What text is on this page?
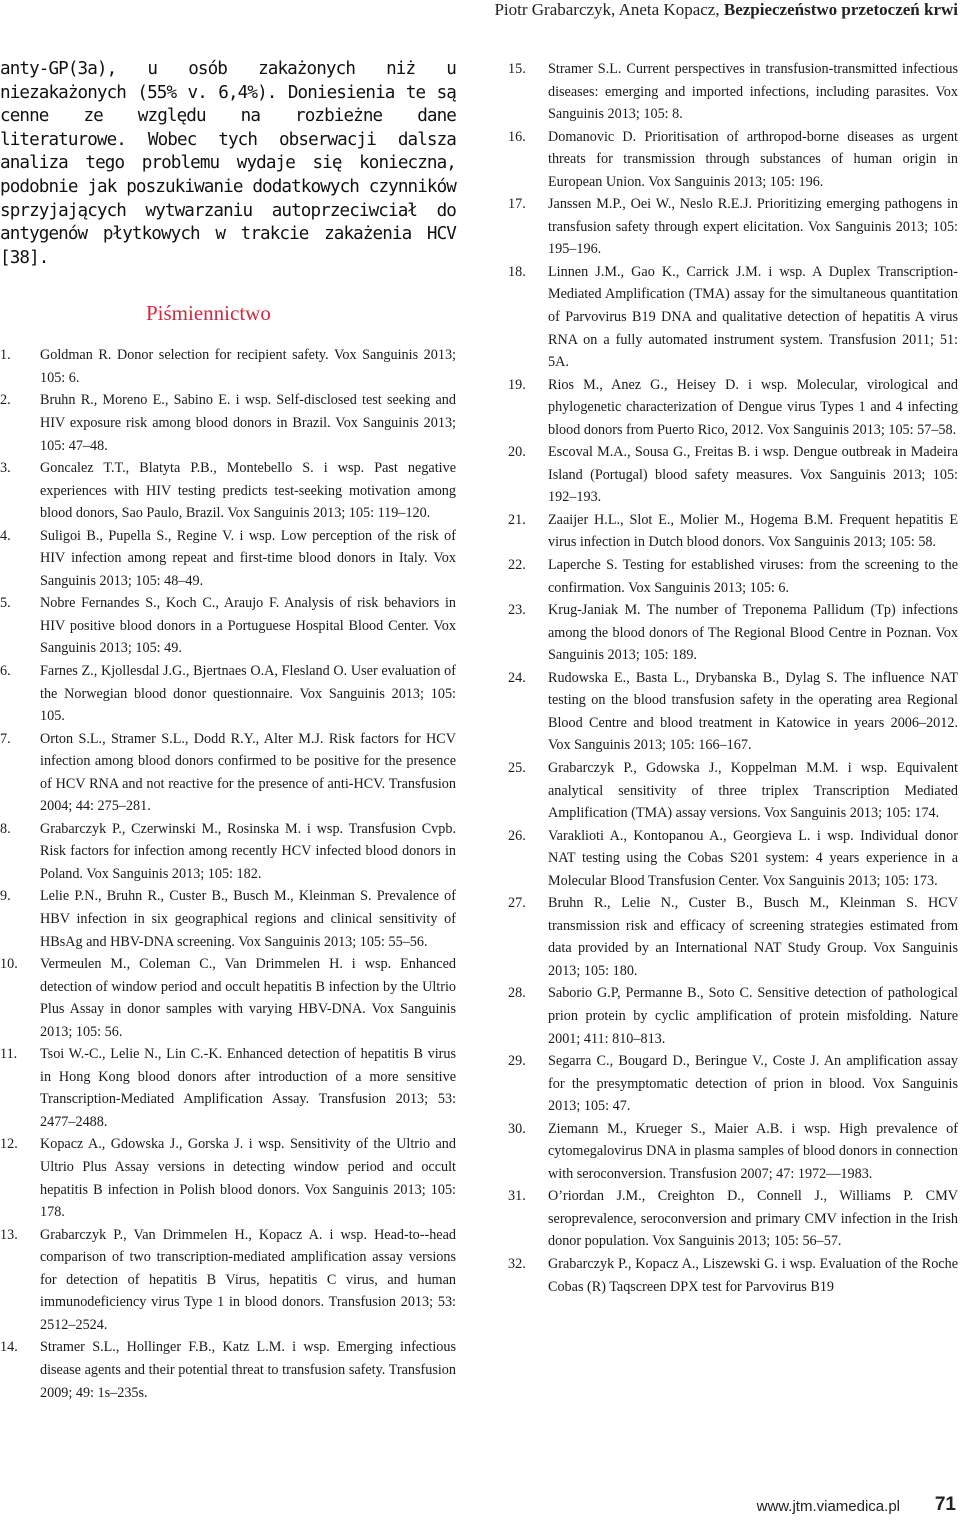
Piotr Grabarczyk, Aneta Kopacz, Bezpieczeństwo przetoczeń krwi

anty-GP(3a), u osób zakażonych niż u niezakażonych (55% v. 6,4%). Doniesienia te są cenne ze względu na rozbieżne dane literaturowe. Wobec tych obserwacji dalsza analiza tego problemu wydaje się konieczna, podobnie jak poszukiwanie dodatkowych czynników sprzyjających wytwarzaniu autoprzeciwciał do antygenów płytkowych w trakcie zakażenia HCV [38].

Piśmiennictwo
1. Goldman R. Donor selection for recipient safety. Vox Sanguinis 2013; 105: 6.
2. Bruhn R., Moreno E., Sabino E. i wsp. Self-disclosed test seeking and HIV exposure risk among blood donors in Brazil. Vox Sanguinis 2013; 105: 47–48.
3. Goncalez T.T., Blatyta P.B., Montebello S. i wsp. Past negative experiences with HIV testing predicts test-seeking motivation among blood donors, Sao Paulo, Brazil. Vox Sanguinis 2013; 105: 119–120.
4. Suligoi B., Pupella S., Regine V. i wsp. Low perception of the risk of HIV infection among repeat and first-time blood donors in Italy. Vox Sanguinis 2013; 105: 48–49.
5. Nobre Fernandes S., Koch C., Araujo F. Analysis of risk behaviors in HIV positive blood donors in a Portuguese Hospital Blood Center. Vox Sanguinis 2013; 105: 49.
6. Farnes Z., Kjollesdal J.G., Bjertnaes O.A, Flesland O. User evaluation of the Norwegian blood donor questionnaire. Vox Sanguinis 2013; 105: 105.
7. Orton S.L., Stramer S.L., Dodd R.Y., Alter M.J. Risk factors for HCV infection among blood donors confirmed to be positive for the presence of HCV RNA and not reactive for the presence of anti-HCV. Transfusion 2004; 44: 275–281.
8. Grabarczyk P., Czerwinski M., Rosinska M. i wsp. Transfusion Cvpb. Risk factors for infection among recently HCV infected blood donors in Poland. Vox Sanguinis 2013; 105: 182.
9. Lelie P.N., Bruhn R., Custer B., Busch M., Kleinman S. Prevalence of HBV infection in six geographical regions and clinical sensitivity of HBsAg and HBV-DNA screening. Vox Sanguinis 2013; 105: 55–56.
10. Vermeulen M., Coleman C., Van Drimmelen H. i wsp. Enhanced detection of window period and occult hepatitis B infection by the Ultrio Plus Assay in donor samples with varying HBV-DNA. Vox Sanguinis 2013; 105: 56.
11. Tsoi W.-C., Lelie N., Lin C.-K. Enhanced detection of hepatitis B virus in Hong Kong blood donors after introduction of a more sensitive Transcription-Mediated Amplification Assay. Transfusion 2013; 53: 2477–2488.
12. Kopacz A., Gdowska J., Gorska J. i wsp. Sensitivity of the Ultrio and Ultrio Plus Assay versions in detecting window period and occult hepatitis B infection in Polish blood donors. Vox Sanguinis 2013; 105: 178.
13. Grabarczyk P., Van Drimmelen H., Kopacz A. i wsp. Head-to--head comparison of two transcription-mediated amplification assay versions for detection of hepatitis B Virus, hepatitis C virus, and human immunodeficiency virus Type 1 in blood donors. Transfusion 2013; 53: 2512–2524.
14. Stramer S.L., Hollinger F.B., Katz L.M. i wsp. Emerging infectious disease agents and their potential threat to transfusion safety. Transfusion 2009; 49: 1s–235s.
15. Stramer S.L. Current perspectives in transfusion-transmitted infectious diseases: emerging and imported infections, including parasites. Vox Sanguinis 2013; 105: 8.
16. Domanovic D. Prioritisation of arthropod-borne diseases as urgent threats for transmission through substances of human origin in European Union. Vox Sanguinis 2013; 105: 196.
17. Janssen M.P., Oei W., Neslo R.E.J. Prioritizing emerging pathogens in transfusion safety through expert elicitation. Vox Sanguinis 2013; 105: 195–196.
18. Linnen J.M., Gao K., Carrick J.M. i wsp. A Duplex Transcription-Mediated Amplification (TMA) assay for the simultaneous quantitation of Parvovirus B19 DNA and qualitative detection of hepatitis A virus RNA on a fully automated instrument system. Transfusion 2011; 51: 5A.
19. Rios M., Anez G., Heisey D. i wsp. Molecular, virological and phylogenetic characterization of Dengue virus Types 1 and 4 infecting blood donors from Puerto Rico, 2012. Vox Sanguinis 2013; 105: 57–58.
20. Escoval M.A., Sousa G., Freitas B. i wsp. Dengue outbreak in Madeira Island (Portugal) blood safety measures. Vox Sanguinis 2013; 105: 192–193.
21. Zaaijer H.L., Slot E., Molier M., Hogema B.M. Frequent hepatitis E virus infection in Dutch blood donors. Vox Sanguinis 2013; 105: 58.
22. Laperche S. Testing for established viruses: from the screening to the confirmation. Vox Sanguinis 2013; 105: 6.
23. Krug-Janiak M. The number of Treponema Pallidum (Tp) infections among the blood donors of The Regional Blood Centre in Poznan. Vox Sanguinis 2013; 105: 189.
24. Rudowska E., Basta L., Drybanska B., Dylag S. The influence NAT testing on the blood transfusion safety in the operating area Regional Blood Centre and blood treatment in Katowice in years 2006–2012. Vox Sanguinis 2013; 105: 166–167.
25. Grabarczyk P., Gdowska J., Koppelman M.M. i wsp. Equivalent analytical sensitivity of three triplex Transcription Mediated Amplification (TMA) assay versions. Vox Sanguinis 2013; 105: 174.
26. Varaklioti A., Kontopanou A., Georgieva L. i wsp. Individual donor NAT testing using the Cobas S201 system: 4 years experience in a Molecular Blood Transfusion Center. Vox Sanguinis 2013; 105: 173.
27. Bruhn R., Lelie N., Custer B., Busch M., Kleinman S. HCV transmission risk and efficacy of screening strategies estimated from data provided by an International NAT Study Group. Vox Sanguinis 2013; 105: 180.
28. Saborio G.P, Permanne B., Soto C. Sensitive detection of pathological prion protein by cyclic amplification of protein misfolding. Nature 2001; 411: 810–813.
29. Segarra C., Bougard D., Beringue V., Coste J. An amplification assay for the presymptomatic detection of prion in blood. Vox Sanguinis 2013; 105: 47.
30. Ziemann M., Krueger S., Maier A.B. i wsp. High prevalence of cytomegalovirus DNA in plasma samples of blood donors in connection with seroconversion. Transfusion 2007; 47: 1972––1983.
31. O’riordan J.M., Creighton D., Connell J., Williams P. CMV seroprevalence, seroconversion and primary CMV infection in the Irish donor population. Vox Sanguinis 2013; 105: 56–57.
32. Grabarczyk P., Kopacz A., Liszewski G. i wsp. Evaluation of the Roche Cobas (R) Taqscreen DPX test for Parvovirus B19
www.jtm.viamedica.pl 71
